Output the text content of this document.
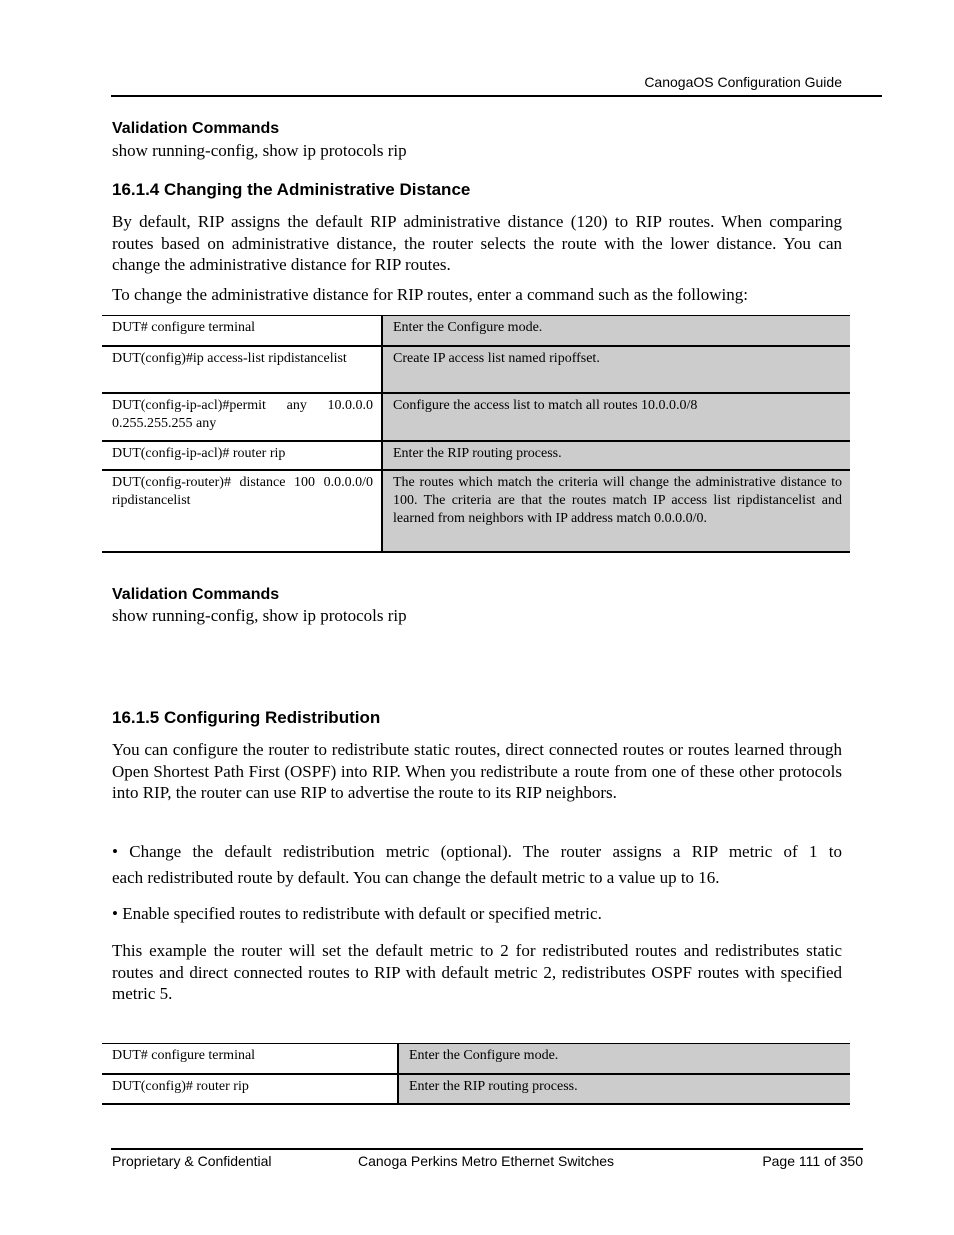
CanogaOS Configuration Guide
Validation Commands
show running-config, show ip protocols rip
16.1.4 Changing the Administrative Distance

By default, RIP assigns the default RIP administrative distance (120) to RIP routes. When comparing routes based on administrative distance, the router selects the route with the lower distance. You can change the administrative distance for RIP routes.

To change the administrative distance for RIP routes, enter a command such as the following:

DUT# configure terminal	Enter the Configure mode.
DUT(config)#ip access-list ripdistancelist	Create IP access list named ripoffset.
DUT(config-ip-acl)#permit any 10.0.0.0 0.255.255.255 any	Configure the access list to match all routes 10.0.0.0/8
DUT(config-ip-acl)# router rip	Enter the RIP routing process.
DUT(config-router)# distance 100 0.0.0.0/0 ripdistancelist	The routes which match the criteria will change the administrative distance to 100. The criteria are that the routes match IP access list ripdistancelist and learned from neighbors with IP address match 0.0.0.0/0.
Validation Commands
show running-config, show ip protocols rip
16.1.5 Configuring Redistribution

You can configure the router to redistribute static routes, direct connected routes or routes learned through Open Shortest Path First (OSPF) into RIP. When you redistribute a route from one of these other protocols into RIP, the router can use RIP to advertise the route to its RIP neighbors.

• Change the default redistribution metric (optional). The router assigns a RIP metric of 1 to
each redistributed route by default. You can change the default metric to a value up to 16.

• Enable specified routes to redistribute with default or specified metric.

This example the router will set the default metric to 2 for redistributed routes and redistributes static routes and direct connected routes to RIP with default metric 2, redistributes OSPF routes with specified metric 5.

DUT# configure terminal	Enter the Configure mode.
DUT(config)# router rip	Enter the RIP routing process.
Proprietary & Confidential	Canoga Perkins Metro Ethernet Switches	Page 111 of 350
